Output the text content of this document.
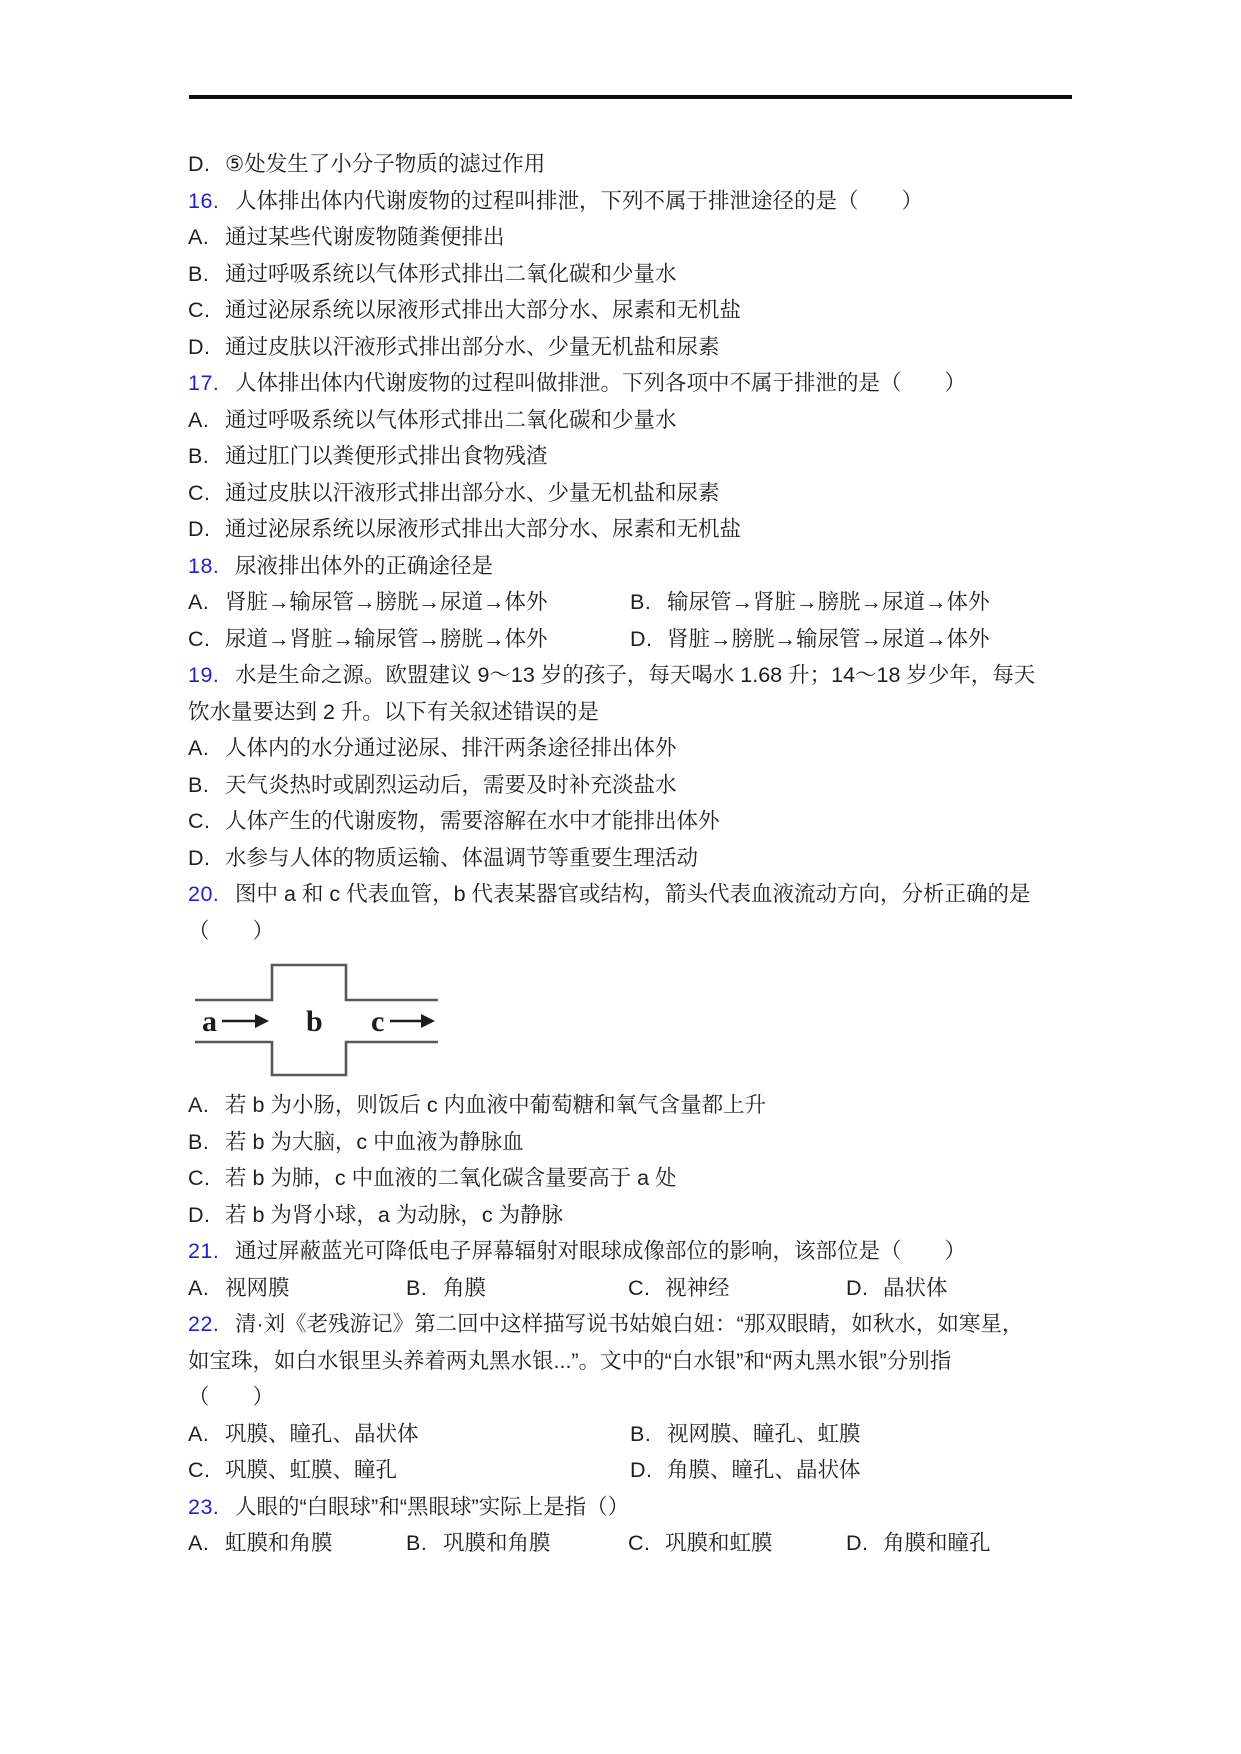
D. ⑤处发生了小分子物质的滤过作用
16. 人体排出体内代谢废物的过程叫排泄，下列不属于排泄途径的是（　　）
A. 通过某些代谢废物随粪便排出
B. 通过呼吸系统以气体形式排出二氧化碳和少量水
C. 通过泌尿系统以尿液形式排出大部分水、尿素和无机盐
D. 通过皮肤以汗液形式排出部分水、少量无机盐和尿素
17. 人体排出体内代谢废物的过程叫做排泄。下列各项中不属于排泄的是（　　）
A. 通过呼吸系统以气体形式排出二氧化碳和少量水
B. 通过肛门以粪便形式排出食物残渣
C. 通过皮肤以汗液形式排出部分水、少量无机盐和尿素
D. 通过泌尿系统以尿液形式排出大部分水、尿素和无机盐
18. 尿液排出体外的正确途径是
A. 肾脏→输尿管→膀胱→尿道→体外	B. 输尿管→肾脏→膀胱→尿道→体外
C. 尿道→肾脏→输尿管→膀胱→体外	D. 肾脏→膀胱→输尿管→尿道→体外
19. 水是生命之源。欧盟建议 9～13 岁的孩子，每天喝水 1.68 升；14～18 岁少年，每天
饮水量要达到 2 升。以下有关叙述错误的是
A. 人体内的水分通过泌尿、排汗两条途径排出体外
B. 天气炎热时或剧烈运动后，需要及时补充淡盐水
C. 人体产生的代谢废物，需要溶解在水中才能排出体外
D. 水参与人体的物质运输、体温调节等重要生理活动
20. 图中 a 和 c 代表血管，b 代表某器官或结构，箭头代表血液流动方向，分析正确的是
（　　）
a	b c
A. 若 b 为小肠，则饭后 c 内血液中葡萄糖和氧气含量都上升
B. 若 b 为大脑，c 中血液为静脉血
C. 若 b 为肺，c 中血液的二氧化碳含量要高于 a 处
D. 若 b 为肾小球，a 为动脉，c 为静脉
21. 通过屏蔽蓝光可降低电子屏幕辐射对眼球成像部位的影响，该部位是（　　）
A. 视网膜	B. 角膜	C. 视神经	D. 晶状体
22. 清·刘《老残游记》第二回中这样描写说书姑娘白妞：“那双眼睛，如秋水，如寒星，
如宝珠，如白水银里头养着两丸黑水银...”。文中的“白水银”和“两丸黑水银”分别指
（　　）
A. 巩膜、瞳孔、晶状体	B. 视网膜、瞳孔、虹膜
C. 巩膜、虹膜、瞳孔	D. 角膜、瞳孔、晶状体
23. 人眼的“白眼球”和“黑眼球”实际上是指（）
A. 虹膜和角膜	B. 巩膜和角膜	C. 巩膜和虹膜	D. 角膜和瞳孔
